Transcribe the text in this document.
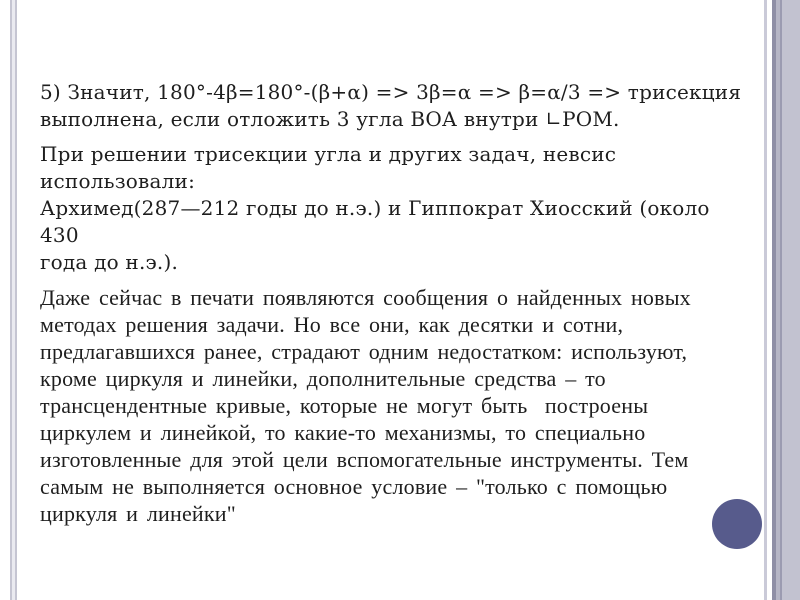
5) Значит, 180°-4β=180°-(β+α) => 3β=α => β=α/3 => трисекция
выполнена, если отложить 3 угла ВОА внутри ∟РОМ.
При решении трисекции угла и других задач, невсис использовали:
Архимед(287—212 годы до н.э.) и Гиппократ Хиосский (около 430
года до н.э.).
Даже сейчас в печати появляются сообщения о найденных новых
методах решения задачи. Но все они, как десятки и сотни,
предлагавшихся ранее, страдают одним недостатком: используют,
кроме циркуля и линейки, дополнительные средства – то
трансцендентные кривые, которые не могут быть  построены
циркулем и линейкой, то какие-то механизмы, то специально
изготовленные для этой цели вспомогательные инструменты. Тем
самым не выполняется основное условие – "только с помощью
циркуля и линейки"
